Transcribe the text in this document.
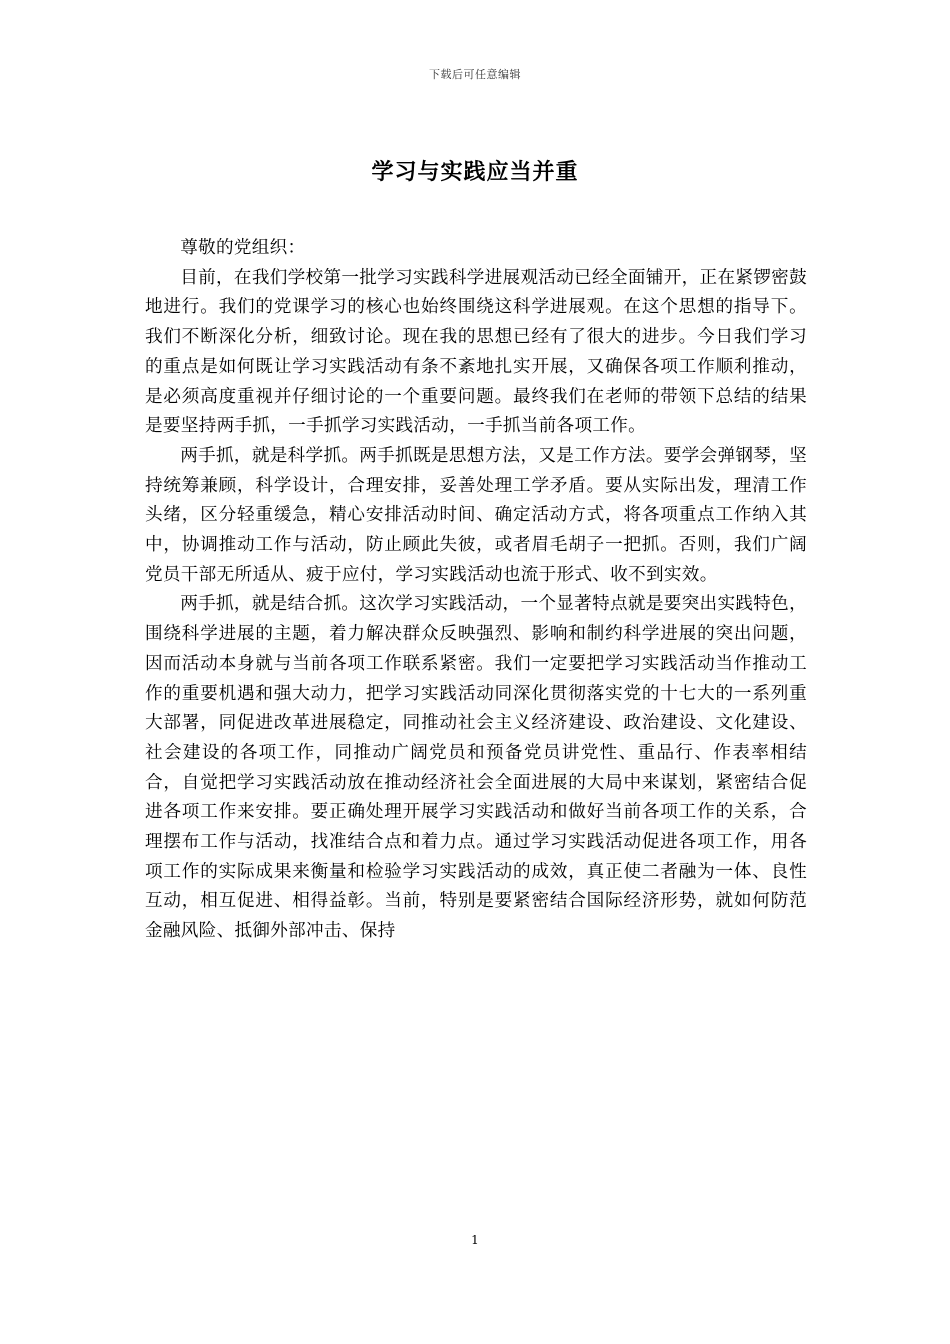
下载后可任意编辑
学习与实践应当并重

尊敬的党组织：

目前，在我们学校第一批学习实践科学进展观活动已经全面铺开，正在紧锣密鼓地进行。我们的党课学习的核心也始终围绕这科学进展观。在这个思想的指导下。我们不断深化分析，细致讨论。现在我的思想已经有了很大的进步。今日我们学习的重点是如何既让学习实践活动有条不紊地扎实开展，又确保各项工作顺利推动，是必须高度重视并仔细讨论的一个重要问题。最终我们在老师的带领下总结的结果是要坚持两手抓，一手抓学习实践活动，一手抓当前各项工作。

两手抓，就是科学抓。两手抓既是思想方法，又是工作方法。要学会弹钢琴，坚持统筹兼顾，科学设计，合理安排，妥善处理工学矛盾。要从实际出发，理清工作头绪，区分轻重缓急，精心安排活动时间、确定活动方式，将各项重点工作纳入其中，协调推动工作与活动，防止顾此失彼，或者眉毛胡子一把抓。否则，我们广阔党员干部无所适从、疲于应付，学习实践活动也流于形式、收不到实效。

两手抓，就是结合抓。这次学习实践活动，一个显著特点就是要突出实践特色，围绕科学进展的主题，着力解决群众反映强烈、影响和制约科学进展的突出问题，因而活动本身就与当前各项工作联系紧密。我们一定要把学习实践活动当作推动工作的重要机遇和强大动力，把学习实践活动同深化贯彻落实党的十七大的一系列重大部署，同促进改革进展稳定，同推动社会主义经济建设、政治建设、文化建设、社会建设的各项工作，同推动广阔党员和预备党员讲党性、重品行、作表率相结合，自觉把学习实践活动放在推动经济社会全面进展的大局中来谋划，紧密结合促进各项工作来安排。要正确处理开展学习实践活动和做好当前各项工作的关系，合理摆布工作与活动，找准结合点和着力点。通过学习实践活动促进各项工作，用各项工作的实际成果来衡量和检验学习实践活动的成效，真正使二者融为一体、良性互动，相互促进、相得益彰。当前，特别是要紧密结合国际经济形势，就如何防范金融风险、抵御外部冲击、保持

1
